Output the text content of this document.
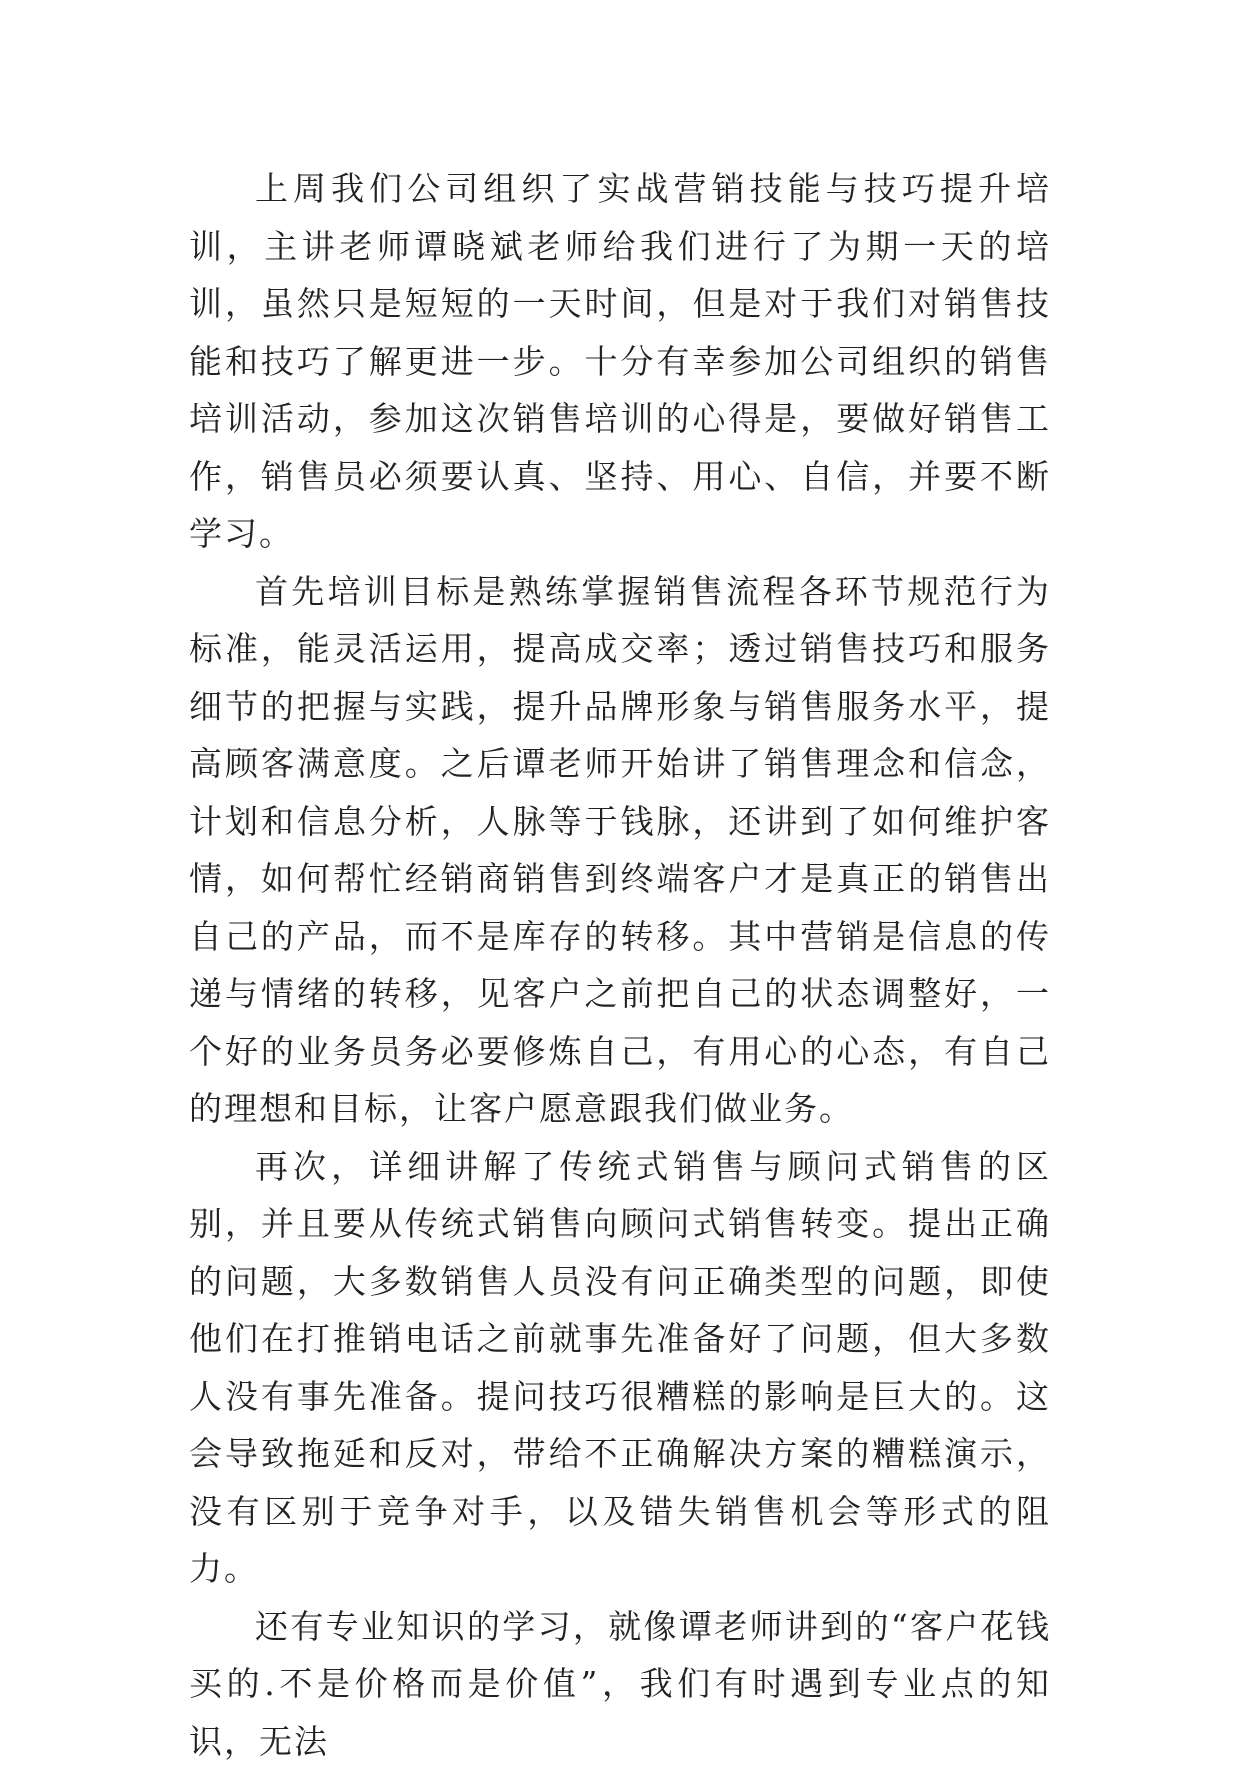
上周我们公司组织了实战营销技能与技巧提升培训，主讲老师谭晓斌老师给我们进行了为期一天的培训，虽然只是短短的一天时间，但是对于我们对销售技能和技巧了解更进一步。十分有幸参加公司组织的销售培训活动，参加这次销售培训的心得是，要做好销售工作，销售员必须要认真、坚持、用心、自信，并要不断学习。

首先培训目标是熟练掌握销售流程各环节规范行为标准，能灵活运用，提高成交率；透过销售技巧和服务细节的把握与实践，提升品牌形象与销售服务水平，提高顾客满意度。之后谭老师开始讲了销售理念和信念，计划和信息分析，人脉等于钱脉，还讲到了如何维护客情，如何帮忙经销商销售到终端客户才是真正的销售出自己的产品，而不是库存的转移。其中营销是信息的传递与情绪的转移，见客户之前把自己的状态调整好，一个好的业务员务必要修炼自己，有用心的心态，有自己的理想和目标，让客户愿意跟我们做业务。

再次，详细讲解了传统式销售与顾问式销售的区别，并且要从传统式销售向顾问式销售转变。提出正确的问题，大多数销售人员没有问正确类型的问题，即使他们在打推销电话之前就事先准备好了问题，但大多数人没有事先准备。提问技巧很糟糕的影响是巨大的。这会导致拖延和反对，带给不正确解决方案的糟糕演示，没有区别于竞争对手，以及错失销售机会等形式的阻力。

还有专业知识的学习，就像谭老师讲到的“客户花钱买的.不是价格而是价值”，我们有时遇到专业点的知识，无法
